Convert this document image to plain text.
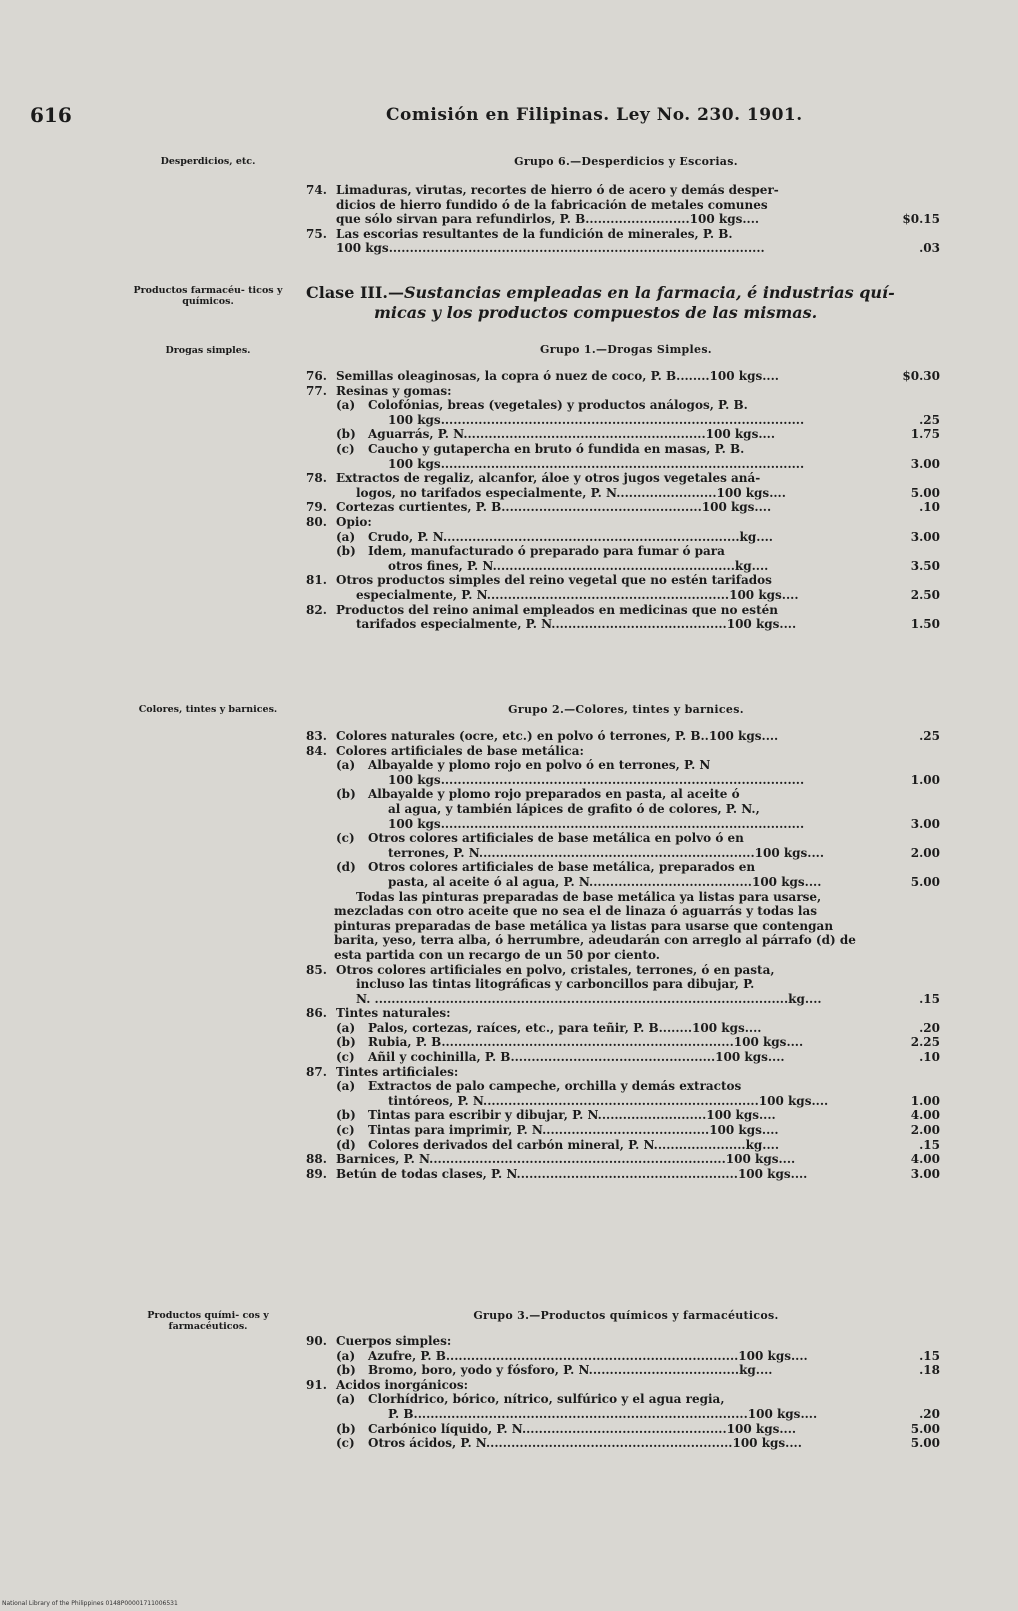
616	Comisión en Filipinas. Ley No. 230. 1901.
Desperdicios, etc.
Productos farmacéu- ticos y químicos.
Drogas simples.
Colores, tintes y barnices.
Productos quími- cos y farmacéuticos.
Grupo 6.—Desperdicios y Escorias.
74. Limaduras, virutas, recortes de hierro ó de acero y demás desper-
dicios de hierro fundido ó de la fabricación de metales comunes
que sólo sirvan para refundirlos, P. B.........................100 kgs....	$0.15
75. Las escorias resultantes de la fundición de minerales, P. B.
100 kgs..........................................................................................	.03
Clase III.—Sustancias empleadas en la farmacia, é industrias quí-
micas y los productos compuestos de las mismas.
Grupo 1.—Drogas Simples.
76. Semillas oleaginosas, la copra ó nuez de coco, P. B........100 kgs....	$0.30
77. Resinas y gomas:
(a)	Colofónias, breas (vegetales) y productos análogos, P. B.
100 kgs.......................................................................................	.25
(b)	Aguarrás, P. N..........................................................100 kgs....	1.75
(c)	Caucho y gutapercha en bruto ó fundida en masas, P. B.
100 kgs.......................................................................................	3.00
78. Extractos de regaliz, alcanfor, áloe y otros jugos vegetales aná-
logos, no tarifados especialmente, P. N........................100 kgs....	5.00
79. Cortezas curtientes, P. B................................................100 kgs....	.10
80. Opio:
(a)	Crudo, P. N.......................................................................kg....	3.00
(b)	Idem, manufacturado ó preparado para fumar ó para
otros fines, P. N..........................................................kg....	3.50
81. Otros productos simples del reino vegetal que no estén tarifados
especialmente, P. N..........................................................100 kgs....	2.50
82. Productos del reino animal empleados en medicinas que no estén
tarifados especialmente, P. N..........................................100 kgs....	1.50
Grupo 2.—Colores, tintes y barnices.
83. Colores naturales (ocre, etc.) en polvo ó terrones, P. B..100 kgs....	.25
84. Colores artificiales de base metálica:
(a)	Albayalde y plomo rojo en polvo ó en terrones, P. N
100 kgs.......................................................................................	1.00
(b)	Albayalde y plomo rojo preparados en pasta, al aceite ó
al agua, y también lápices de grafito ó de colores, P. N.,
100 kgs.......................................................................................	3.00
(c)	Otros colores artificiales de base metálica en polvo ó en
terrones, P. N..................................................................100 kgs....	2.00
(d)	Otros colores artificiales de base metálica, preparados en
pasta, al aceite ó al agua, P. N.......................................100 kgs....	5.00
Todas las pinturas preparadas de base metálica ya listas para usarse, mezcladas con otro aceite que no sea el de linaza ó aguarrás y todas las pinturas preparadas de base metálica ya listas para usarse que contengan barita, yeso, terra alba, ó herrumbre, adeudarán con arreglo al párrafo (d) de esta partida con un recargo de un 50 por ciento.
85. Otros colores artificiales en polvo, cristales, terrones, ó en pasta,
incluso las tintas litográficas y carboncillos para dibujar, P.
N. ...................................................................................................kg....	.15
86. Tintes naturales:
(a)	Palos, cortezas, raíces, etc., para teñir, P. B........100 kgs....	.20
(b)	Rubia, P. B......................................................................100 kgs....	2.25
(c)	Añil y cochinilla, P. B.................................................100 kgs....	.10
87. Tintes artificiales:
(a)	Extractos de palo campeche, orchilla y demás extractos
tintóreos, P. N..................................................................100 kgs....	1.00
(b)	Tintas para escribir y dibujar, P. N..........................100 kgs....	4.00
(c)	Tintas para imprimir, P. N........................................100 kgs....	2.00
(d)	Colores derivados del carbón mineral, P. N......................kg....	.15
88. Barnices, P. N.......................................................................100 kgs....	4.00
89. Betún de todas clases, P. N.....................................................100 kgs....	3.00
Grupo 3.—Productos químicos y farmacéuticos.
90. Cuerpos simples:
(a)	Azufre, P. B......................................................................100 kgs....	.15
(b)	Bromo, boro, yodo y fósforo, P. N....................................kg....	.18
91. Acidos inorgánicos:
(a)	Clorhídrico, bórico, nítrico, sulfúrico y el agua regia,
P. B................................................................................100 kgs....	.20
(b)	Carbónico líquido, P. N.................................................100 kgs....	5.00
(c)	Otros ácidos, P. N...........................................................100 kgs....	5.00
National Library of the Philippines 0148P00001711006531
